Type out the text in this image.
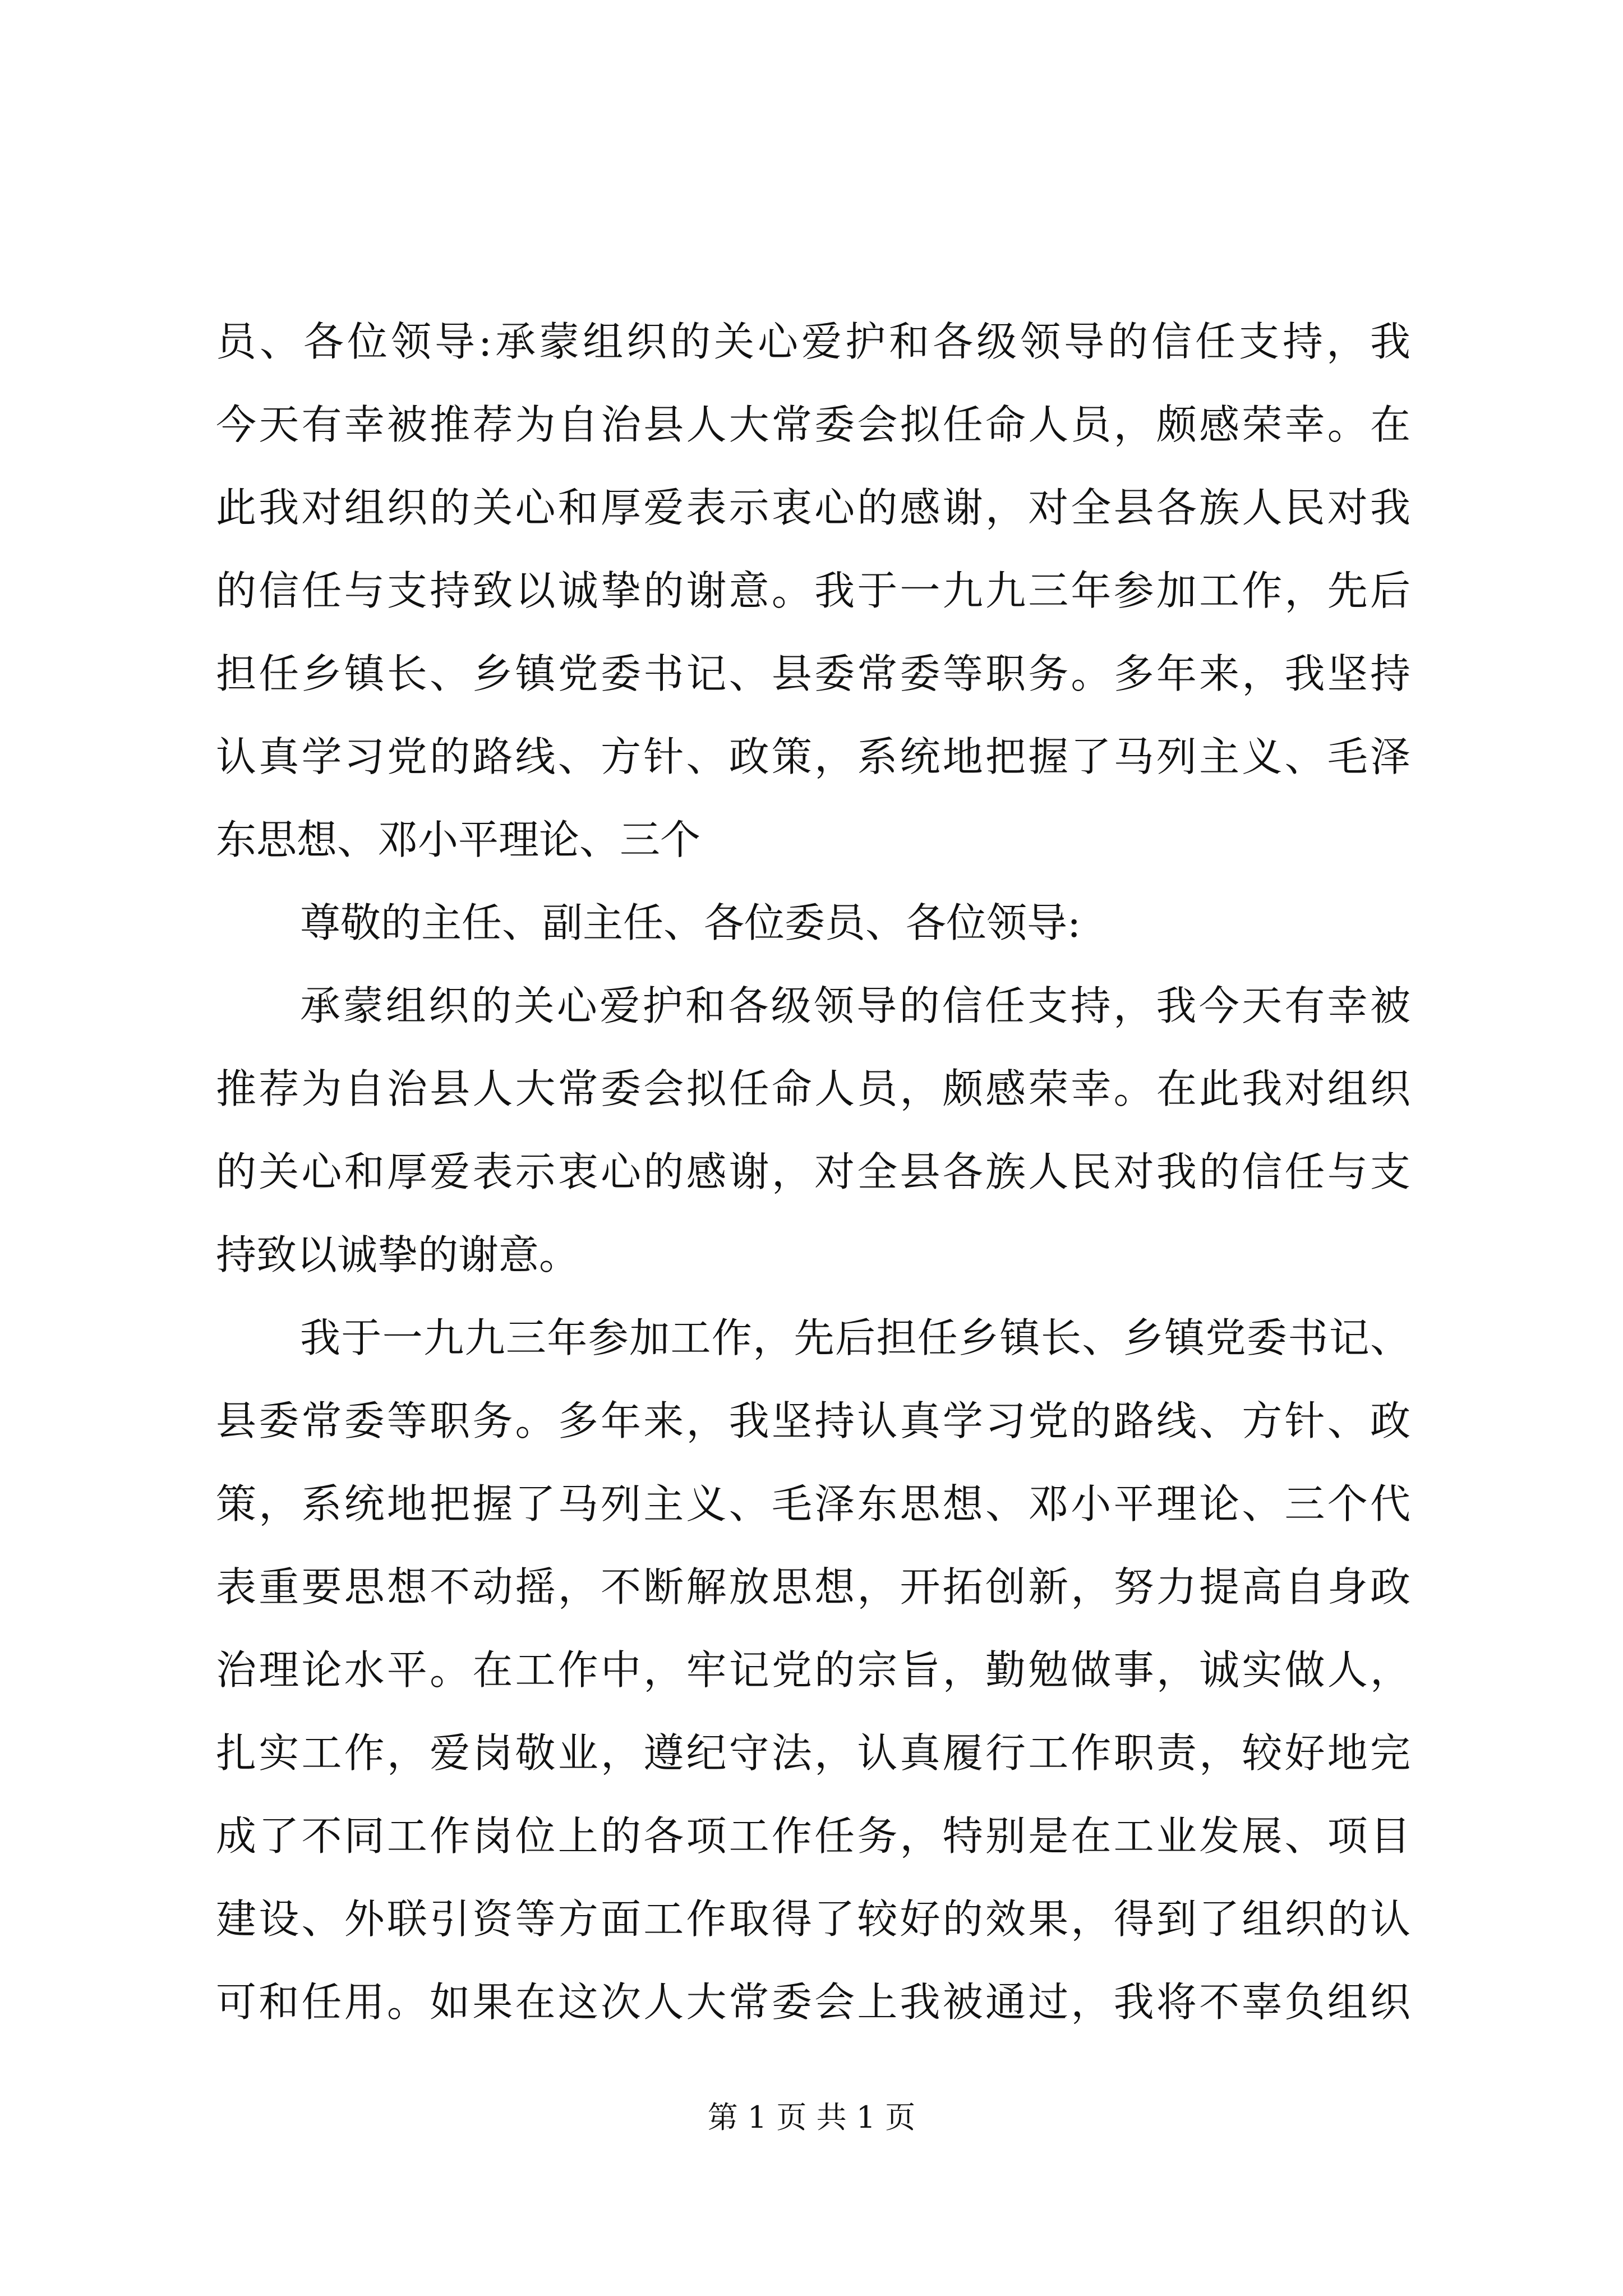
员、各位领导:承蒙组织的关心爱护和各级领导的信任支持，我
今天有幸被推荐为自治县人大常委会拟任命人员，颇感荣幸。在
此我对组织的关心和厚爱表示衷心的感谢，对全县各族人民对我
的信任与支持致以诚挚的谢意。我于一九九三年参加工作，先后
担任乡镇长、乡镇党委书记、县委常委等职务。多年来，我坚持
认真学习党的路线、方针、政策，系统地把握了马列主义、毛泽
东思想、邓小平理论、三个
尊敬的主任、副主任、各位委员、各位领导:
承蒙组织的关心爱护和各级领导的信任支持，我今天有幸被
推荐为自治县人大常委会拟任命人员，颇感荣幸。在此我对组织
的关心和厚爱表示衷心的感谢，对全县各族人民对我的信任与支
持致以诚挚的谢意。
我于一九九三年参加工作，先后担任乡镇长、乡镇党委书记、
县委常委等职务。多年来，我坚持认真学习党的路线、方针、政
策，系统地把握了马列主义、毛泽东思想、邓小平理论、三个代
表重要思想不动摇，不断解放思想，开拓创新，努力提高自身政
治理论水平。在工作中，牢记党的宗旨，勤勉做事，诚实做人，
扎实工作，爱岗敬业，遵纪守法，认真履行工作职责，较好地完
成了不同工作岗位上的各项工作任务，特别是在工业发展、项目
建设、外联引资等方面工作取得了较好的效果，得到了组织的认
可和任用。如果在这次人大常委会上我被通过，我将不辜负组织
第 1 页 共 1 页
